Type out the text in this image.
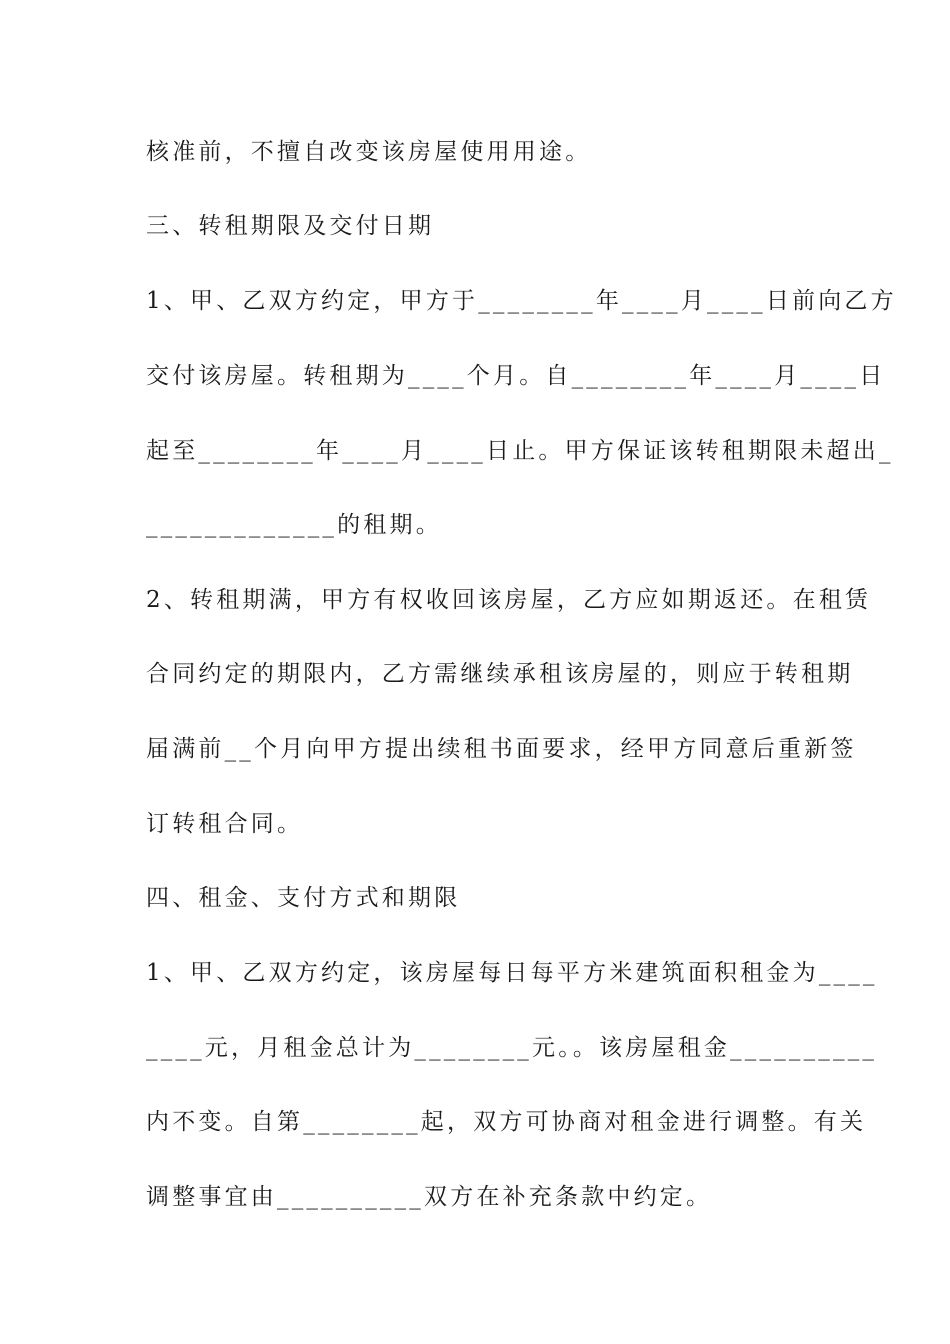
核准前，不擅自改变该房屋使用用途。
三、转租期限及交付日期
1、甲、乙双方约定，甲方于________年____月____日前向乙方
交付该房屋。转租期为____个月。自________年____月____日
起至________年____月____日止。甲方保证该转租期限未超出_
_____________的租期。
2、转租期满，甲方有权收回该房屋，乙方应如期返还。在租赁
合同约定的期限内，乙方需继续承租该房屋的，则应于转租期
届满前__个月向甲方提出续租书面要求，经甲方同意后重新签
订转租合同。
四、租金、支付方式和期限
1、甲、乙双方约定，该房屋每日每平方米建筑面积租金为____
____元，月租金总计为________元。。该房屋租金__________
内不变。自第________起，双方可协商对租金进行调整。有关
调整事宜由__________双方在补充条款中约定。
